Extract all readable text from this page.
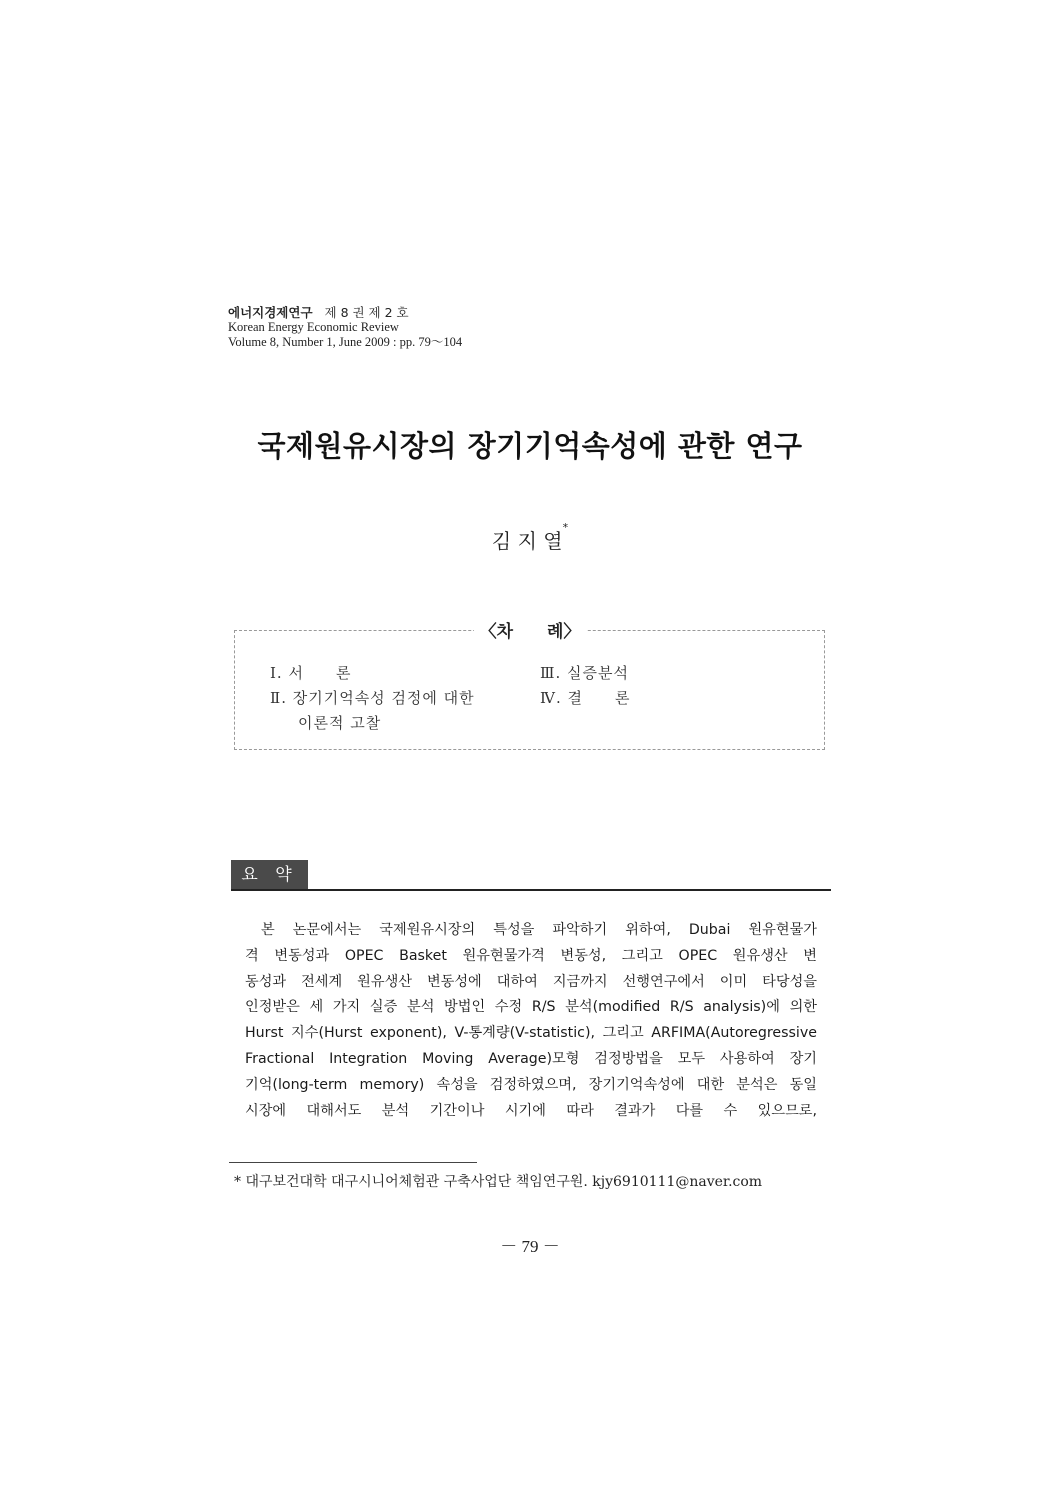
에너지경제연구 제 8 권 제 2 호
Korean Energy Economic Review
Volume 8, Number 1, June 2009 : pp. 79～104
국제원유시장의 장기기억속성에 관한 연구
김 지 열*
〈차　　례〉
Ⅰ. 서　　론
Ⅱ. 장기기억속성 검정에 대한
이론적 고찰
Ⅲ. 실증분석
Ⅳ. 결　　론
요 약
본 논문에서는 국제원유시장의 특성을 파악하기 위하여, Dubai 원유현물가
격 변동성과 OPEC Basket 원유현물가격 변동성, 그리고 OPEC 원유생산 변
동성과 전세계 원유생산 변동성에 대하여 지금까지 선행연구에서 이미 타당성을
인정받은 세 가지 실증 분석 방법인 수정 R/S 분석(modified R/S analysis)에 의한
Hurst 지수(Hurst exponent), V-통계량(V-statistic), 그리고 ARFIMA(Autoregressive
Fractional Integration Moving Average)모형 검정방법을 모두 사용하여 장기
기억(long-term memory) 속성을 검정하였으며, 장기기억속성에 대한 분석은 동일
시장에 대해서도 분석 기간이나 시기에 따라 결과가 다를 수 있으므로,
* 대구보건대학 대구시니어체험관 구축사업단 책임연구원. kjy6910111@naver.com
－ 79 －
